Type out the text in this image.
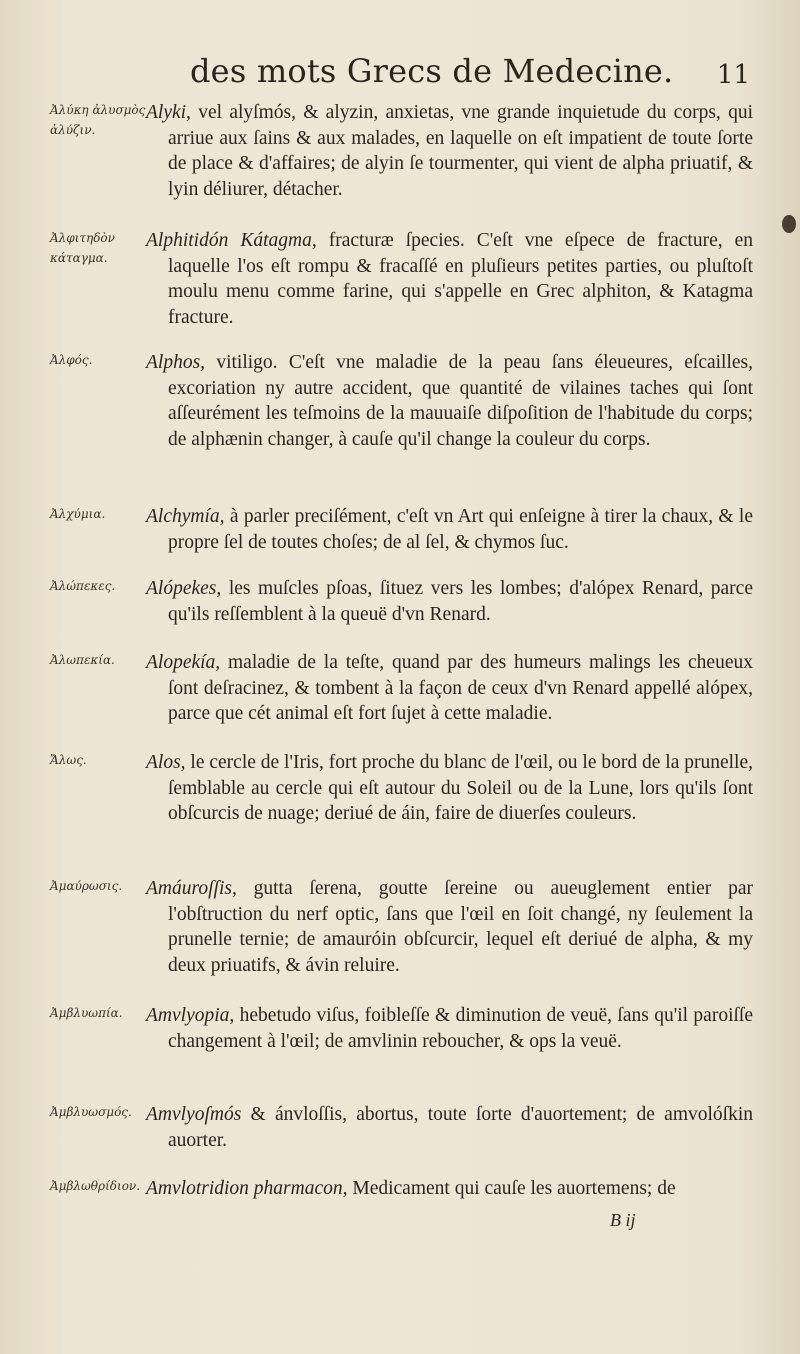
des mots Grecs de Medecine. 11
Ἀλύκη ἀλυσμὸς ἀλύζιν.
Alyki, vel alyſmós, & alyzin, anxietas, vne grande inquietude du corps, qui arriue aux ſains & aux malades, en laquelle on eſt impatient de toute ſorte de place & d'affaires; de alyin ſe tourmenter, qui vient de alpha priuatif, & lyin déliurer, détacher.
Ἀλφιτηδὸν κάταγμα.
Alphitidón Kátagma, fracturæ ſpecies. C'eſt vne eſpece de fracture, en laquelle l'os eſt rompu & fracaſſé en pluſieurs petites parties, ou pluſtoſt moulu menu comme farine, qui s'appelle en Grec alphiton, & Katagma fracture.
Ἀλφός.	Alphos, vitiligo. C'eſt vne maladie de la peau ſans éleueures, eſcailles, excoriation ny autre accident, que quantité de vilaines taches qui ſont aſſeurément les teſmoins de la mauuaiſe diſpoſition de l'habitude du corps; de alphænin changer, à cauſe qu'il change la couleur du corps.
Ἀλχύμια.	Alchymía, à parler preciſément, c'eſt vn Art qui enſeigne à tirer la chaux, & le propre ſel de toutes choſes; de al ſel, & chymos ſuc.
Ἀλώπεκες.	Alópekes, les muſcles pſoas, ſituez vers les lombes; d'alópex Renard, parce qu'ils reſſemblent à la queuë d'vn Renard.
Ἀλωπεκία.	Alopekía, maladie de la teſte, quand par des humeurs malings les cheueux ſont deſracinez, & tombent à la façon de ceux d'vn Renard appellé alópex, parce que cét animal eſt fort ſujet à cette maladie.
Ἄλως.	Alos, le cercle de l'Iris, fort proche du blanc de l'œil, ou le bord de la prunelle, ſemblable au cercle qui eſt autour du Soleil ou de la Lune, lors qu'ils ſont obſcurcis de nuage; deriué de áin, faire de diuerſes couleurs.
Ἀμαύρωσις.	Amáuroſſis, gutta ſerena, goutte ſereine ou aueuglement entier par l'obſtruction du nerf optic, ſans que l'œil en ſoit changé, ny ſeulement la prunelle ternie; de amauróin obſcurcir, lequel eſt deriué de alpha, & my deux priuatifs, & ávin reluire.
Ἀμβλυωπία.	Amvlyopia, hebetudo viſus, foibleſſe & diminution de veuë, ſans qu'il paroiſſe changement à l'œil; de amvlinin reboucher, & ops la veuë.
Ἀμβλυωσμός. Amvlyoſmós & ánvloſſis, abortus, toute ſorte d'auortement; de amvolóſkin auorter.
Ἀμβλωθρίδιον. Amvlotridion pharmacon, Medicament qui cauſe les auortemens; de
B ij
